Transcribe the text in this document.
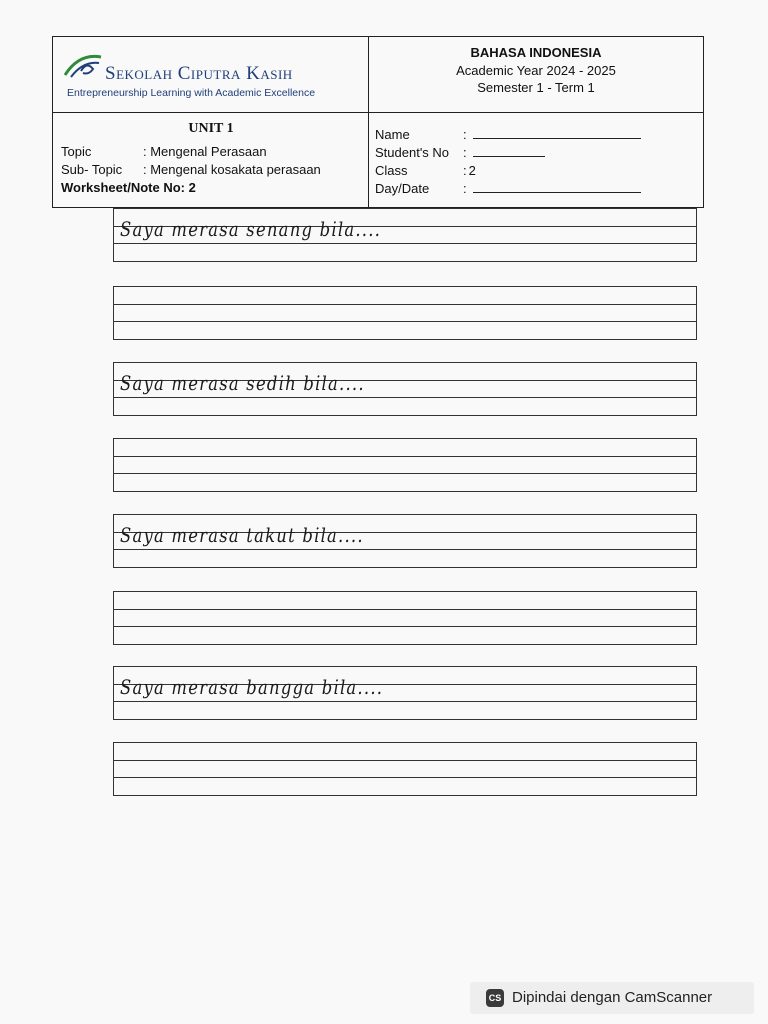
Sekolah Ciputra Kasih
Entrepreneurship Learning with Academic Excellence
BAHASA INDONESIA
Academic Year 2024 - 2025
Semester 1 - Term 1
UNIT 1
Topic	: Mengenal Perasaan
Sub- Topic : Mengenal kosakata perasaan
Worksheet/Note No: 2
Name	:
Student's No :
Class	: 2
Day/Date	:
Saya merasa senang bila....
Saya merasa sedih bila....
Saya merasa takut bila....
Saya merasa bangga bila....
CS Dipindai dengan CamScanner
